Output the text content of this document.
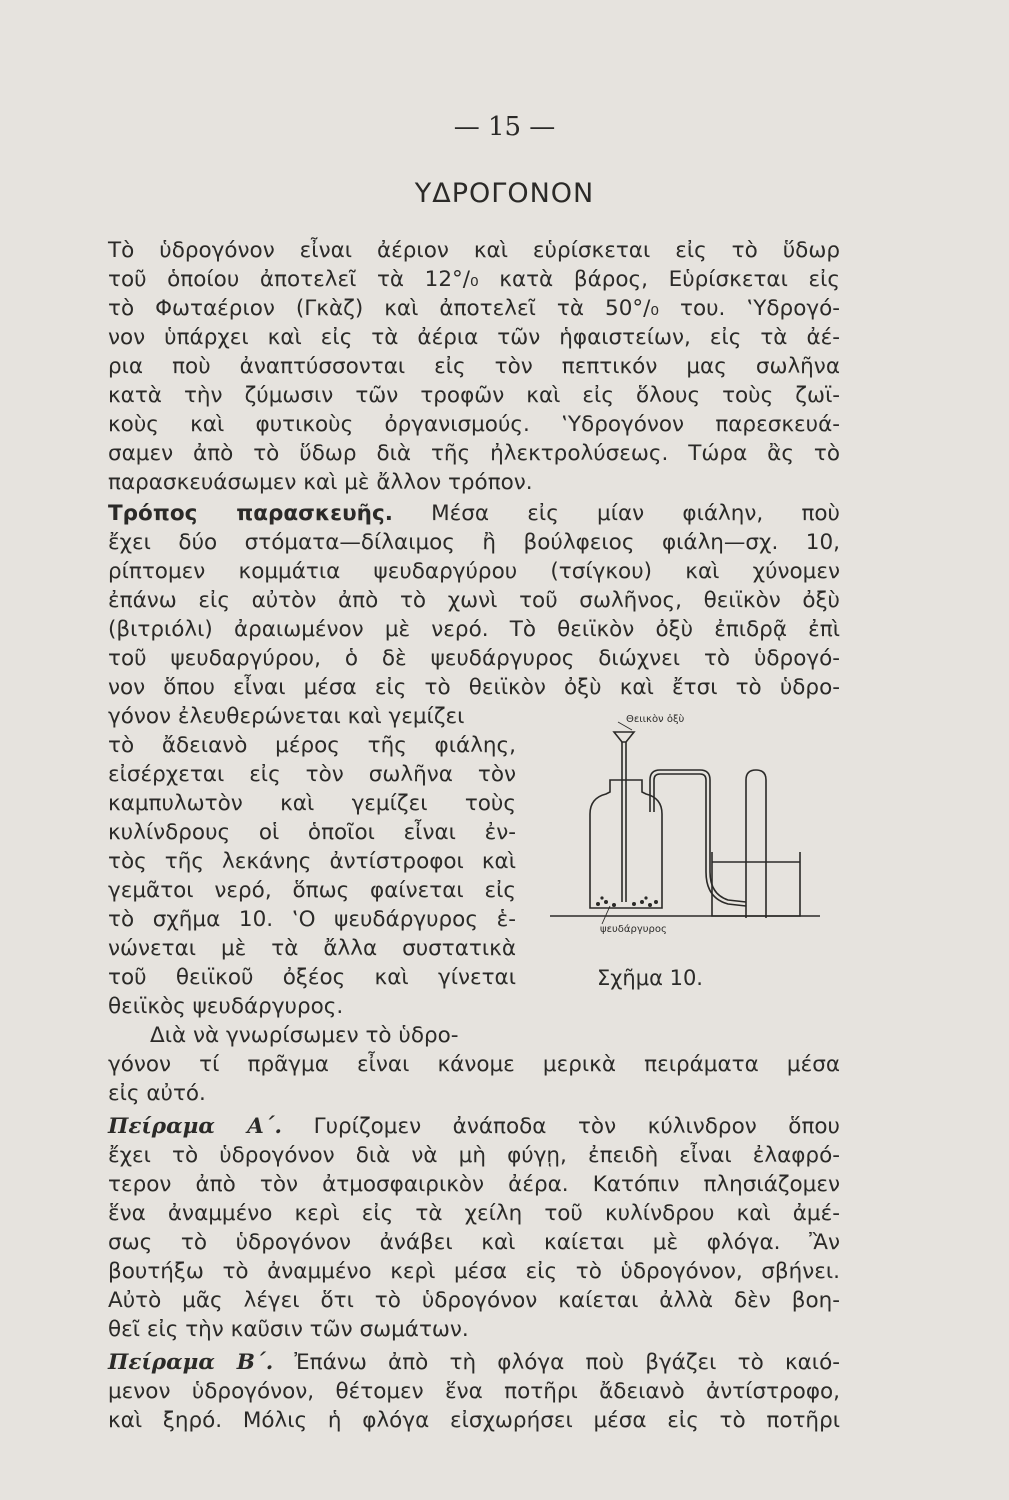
— 15 —
ΥΔΡΟΓΟΝΟΝ
Τὸ ὑδρογόνον εἶναι ἀέριον καὶ εὑρίσκεται εἰς τὸ ὕδωρ
τοῦ ὁποίου ἀποτελεῖ τὰ 12°/₀ κατὰ βάρος, Εὑρίσκεται εἰς
τὸ Φωταέριον (Γκὰζ) καὶ ἀποτελεῖ τὰ 50°/₀ του. ‛Υδρογό-
νον ὑπάρχει καὶ εἰς τὰ ἀέρια τῶν ἡφαιστείων, εἰς τὰ ἀέ-
ρια ποὺ ἀναπτύσσονται εἰς τὸν πεπτικόν μας σωλῆνα
κατὰ τὴν ζύμωσιν τῶν τροφῶν καὶ εἰς ὅλους τοὺς ζωϊ-
κοὺς καὶ φυτικοὺς ὀργανισμούς. ‛Υδρογόνον παρεσκευά-
σαμεν ἀπὸ τὸ ὕδωρ διὰ τῆς ἠλεκτρολύσεως. Τώρα ἂς τὸ
παρασκευάσωμεν καὶ μὲ ἄλλον τρόπον.
Τρόπος παρασκευῆς. Μέσα εἰς μίαν φιάλην, ποὺ
ἔχει δύο στόματα—δίλαιμος ἢ βούλφειος φιάλη—σχ. 10,
ρίπτομεν κομμάτια ψευδαργύρου (τσίγκου) καὶ χύνομεν
ἐπάνω εἰς αὐτὸν ἀπὸ τὸ χωνὶ τοῦ σωλῆνος, θειϊκὸν ὀξὺ
(βιτριόλι) ἀραιωμένον μὲ νερό. Τὸ θειϊκὸν ὀξὺ ἐπιδρᾷ ἐπὶ
τοῦ ψευδαργύρου, ὁ δὲ ψευδάργυρος διώχνει τὸ ὑδρογό-
νον ὅπου εἶναι μέσα εἰς τὸ θειϊκὸν ὀξὺ καὶ ἔτσι τὸ ὑδρο-
γόνον ἐλευθερώνεται καὶ γεμίζει
τὸ ἄδειανὸ μέρος τῆς φιάλης,
εἰσέρχεται εἰς τὸν σωλῆνα τὸν
καμπυλωτὸν καὶ γεμίζει τοὺς
κυλίνδρους οἱ ὁποῖοι εἶναι ἐν-
τὸς τῆς λεκάνης ἀντίστροφοι καὶ
γεμᾶτοι νερό, ὅπως φαίνεται εἰς
τὸ σχῆμα 10. ‛Ο ψευδάργυρος ἑ-
νώνεται μὲ τὰ ἄλλα συστατικὰ
τοῦ θειϊκοῦ ὀξέος καὶ γίνεται
θειϊκὸς ψευδάργυρος.
Διὰ νὰ γνωρίσωμεν τὸ ὑδρο-
Θειικὸν ὀξὺ
ψευδάργυρος
Σχῆμα 10.
γόνον τί πρᾶγμα εἶναι κάνομε μερικὰ πειράματα μέσα
εἰς αὐτό.
Πείραμα Α΄. Γυρίζομεν ἀνάποδα τὸν κύλινδρον ὅπου
ἔχει τὸ ὑδρογόνον διὰ νὰ μὴ φύγῃ, ἐπειδὴ εἶναι ἐλαφρό-
τερον ἀπὸ τὸν ἀτμοσφαιρικὸν ἀέρα. Κατόπιν πλησιάζομεν
ἕνα ἀναμμένο κερὶ εἰς τὰ χείλη τοῦ κυλίνδρου καὶ ἀμέ-
σως τὸ ὑδρογόνον ἀνάβει καὶ καίεται μὲ φλόγα. Ἂν
βουτήξω τὸ ἀναμμένο κερὶ μέσα εἰς τὸ ὑδρογόνον, σβήνει.
Αὐτὸ μᾶς λέγει ὅτι τὸ ὑδρογόνον καίεται ἀλλὰ δὲν βοη-
θεῖ εἰς τὴν καῦσιν τῶν σωμάτων.
Πείραμα Β΄. Ἐπάνω ἀπὸ τὴ φλόγα ποὺ βγάζει τὸ καιό-
μενον ὑδρογόνον, θέτομεν ἕνα ποτῆρι ἄδειανὸ ἀντίστροφο,
καὶ ξηρό. Μόλις ἡ φλόγα εἰσχωρήσει μέσα εἰς τὸ ποτῆρι
